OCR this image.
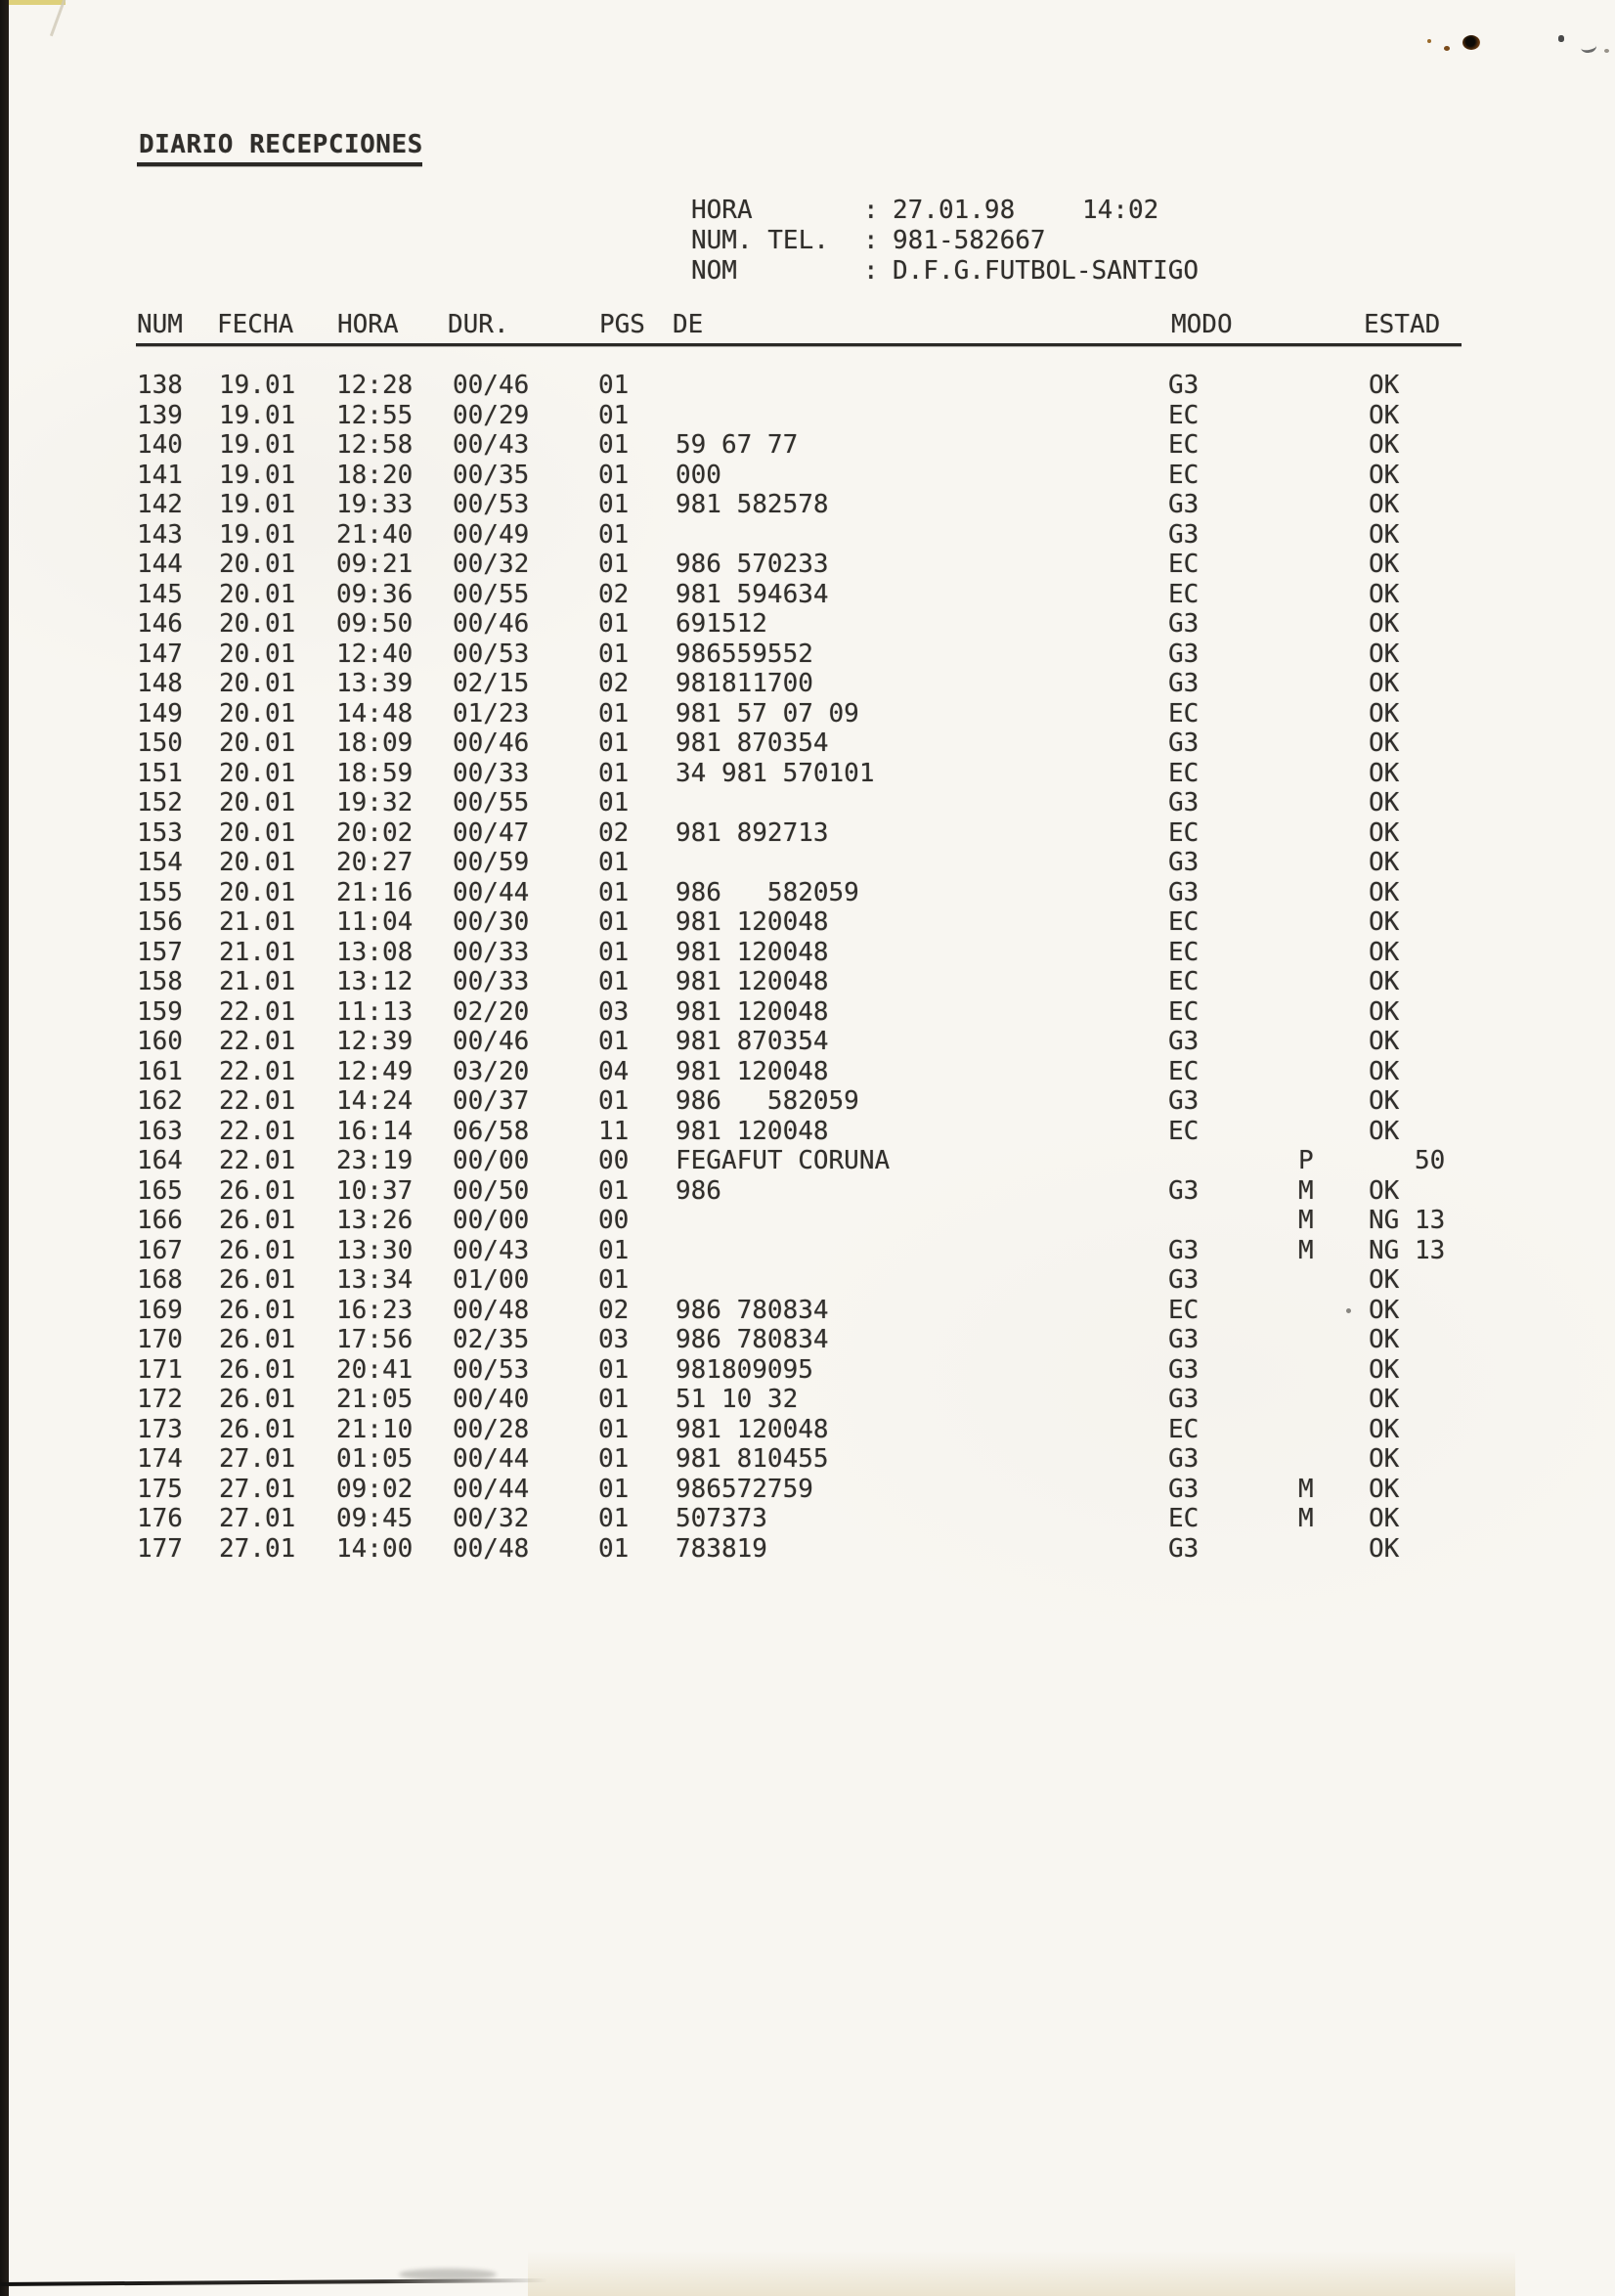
DIARIO RECEPCIONES
HORA	: 27.01.98	14:02
NUM. TEL. : 981-582667
NOM	: D.F.G.FUTBOL-SANTIGO
NUM FECHA HORA DUR.	PGS DE	MODO	ESTAD
138 19.01 12:28 00/46	01	G3	OK
139 19.01 12:55 00/29	01	EC	OK
140 19.01 12:58 00/43	01 59 67 77	EC	OK
141 19.01 18:20 00/35	01 000	EC	OK
142 19.01 19:33 00/53	01 981 582578	G3	OK
143 19.01 21:40 00/49	01	G3	OK
144 20.01 09:21 00/32	01 986 570233	EC	OK
145 20.01 09:36 00/55	02 981 594634	EC	OK
146 20.01 09:50 00/46	01 691512	G3	OK
147 20.01 12:40 00/53	01 986559552	G3	OK
148 20.01 13:39 02/15	02 981811700	G3	OK
149 20.01 14:48 01/23	01 981 57 07 09	EC	OK
150 20.01 18:09 00/46	01 981 870354	G3	OK
151 20.01 18:59 00/33	01 34 981 570101	EC	OK
152 20.01 19:32 00/55	01	G3	OK
153 20.01 20:02 00/47	02 981 892713	EC	OK
154 20.01 20:27 00/59	01	G3	OK
155 20.01 21:16 00/44	01 986   582059	G3	OK
156 21.01 11:04 00/30	01 981 120048	EC	OK
157 21.01 13:08 00/33	01 981 120048	EC	OK
158 21.01 13:12 00/33	01 981 120048	EC	OK
159 22.01 11:13 02/20	03 981 120048	EC	OK
160 22.01 12:39 00/46	01 981 870354	G3	OK
161 22.01 12:49 03/20	04 981 120048	EC	OK
162 22.01 14:24 00/37	01 986   582059	G3	OK
163 22.01 16:14 06/58	11 981 120048	EC	OK
164 22.01 23:19 00/00	00 FEGAFUT CORUNA	P	50
165 26.01 10:37 00/50	01 986	G3	M OK
166 26.01 13:26 00/00	00	M NG 13
167 26.01 13:30 00/43	01	G3	M NG 13
168 26.01 13:34 01/00	01	G3	OK
169 26.01 16:23 00/48	02 986 780834	EC	OK
170 26.01 17:56 02/35	03 986 780834	G3	OK
171 26.01 20:41 00/53	01 981809095	G3	OK
172 26.01 21:05 00/40	01 51 10 32	G3	OK
173 26.01 21:10 00/28	01 981 120048	EC	OK
174 27.01 01:05 00/44	01 981 810455	G3	OK
175 27.01 09:02 00/44	01 986572759	G3	M OK
176 27.01 09:45 00/32	01 507373	EC	M OK
177 27.01 14:00 00/48	01 783819	G3	OK
